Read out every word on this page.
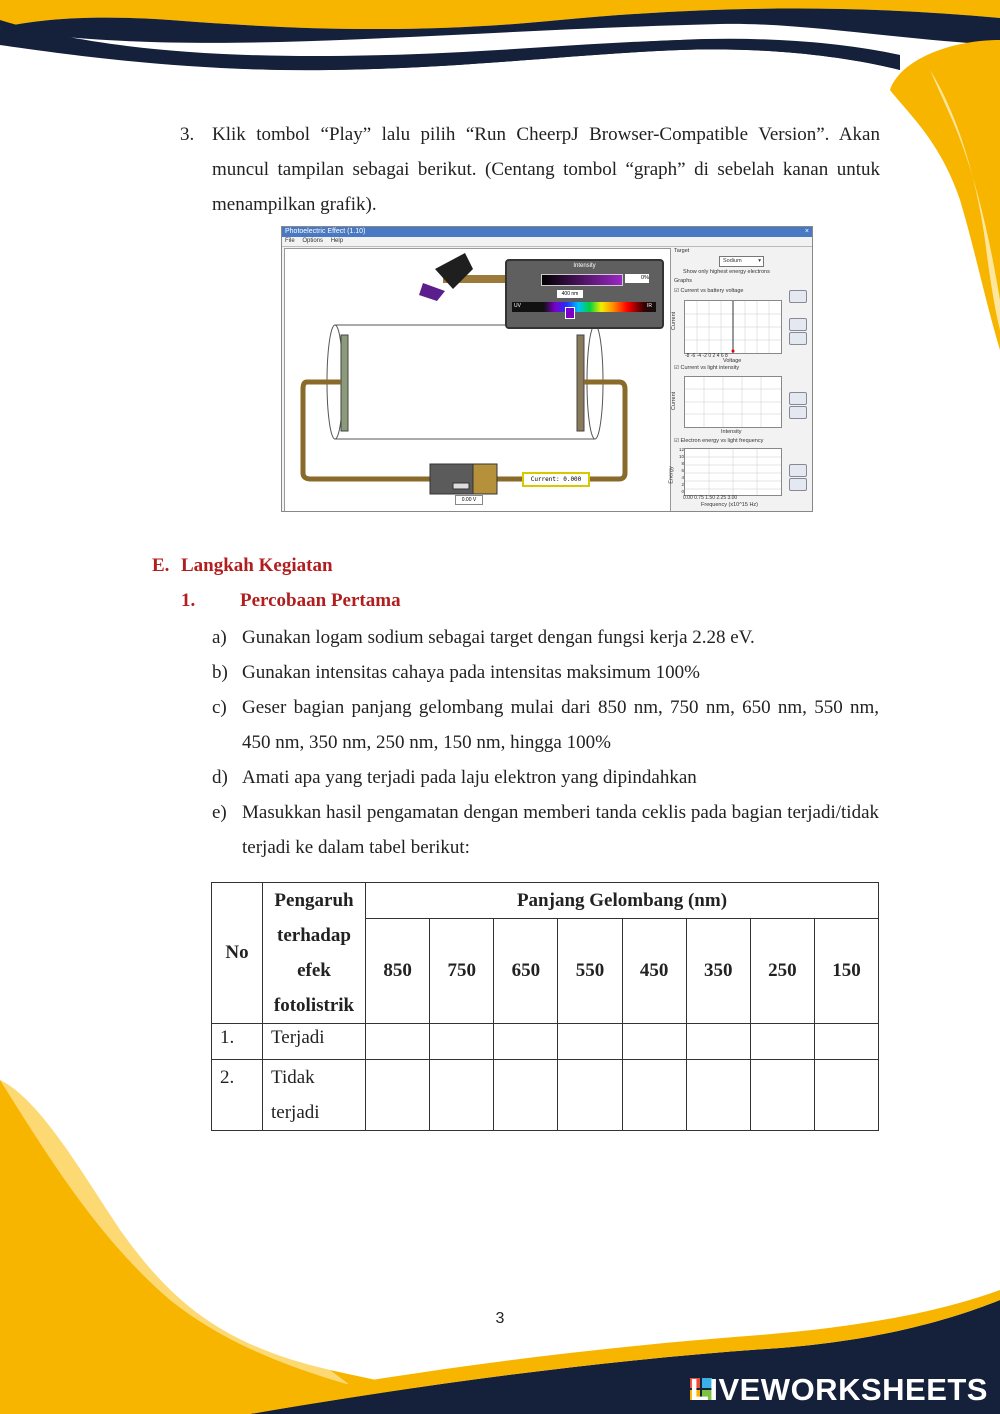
3. Klik tombol “Play” lalu pilih “Run CheerpJ Browser-Compatible Version”. Akan muncul tampilan sebagai berikut. (Centang tombol “graph” di sebelah kanan untuk menampilkan grafik).
Photoelectric Effect (1.10)	×
File Options Help
Intensity
0%
400 nm
UV	IR
Current: 0.000
0.00 V
Target
Sodium	▾
Show only highest energy electrons
Graphs
☑ Current vs battery voltage
-8 -6 -4 -2 0 2 4 6 8
Voltage
Current
☑ Current vs light intensity
Intensity
Current
☑ Electron energy vs light frequency
12
10
8
6
4
2
0
0.00 0.75 1.50 2.25 3.00
Frequency (x10^15 Hz)
Energy
E. Langkah Kegiatan
1. Percobaan Pertama
a) Gunakan logam sodium sebagai target dengan fungsi kerja 2.28 eV.
b) Gunakan intensitas cahaya pada intensitas maksimum 100%
c) Geser bagian panjang gelombang mulai dari 850 nm, 750 nm, 650 nm, 550 nm, 450 nm, 350 nm, 250 nm, 150 nm, hingga 100%
d) Amati apa yang terjadi pada laju elektron yang dipindahkan
e) Masukkan hasil pengamatan dengan memberi tanda ceklis pada bagian terjadi/tidak terjadi ke dalam tabel berikut:
No	Pengaruh terhadap efek fotolistrik	Panjang Gelombang (nm)							
		850	750	650	550	450	350	250	150
1.	Terjadi								
2.	Tidak terjadi								
3
LIVEWORKSHEETS
